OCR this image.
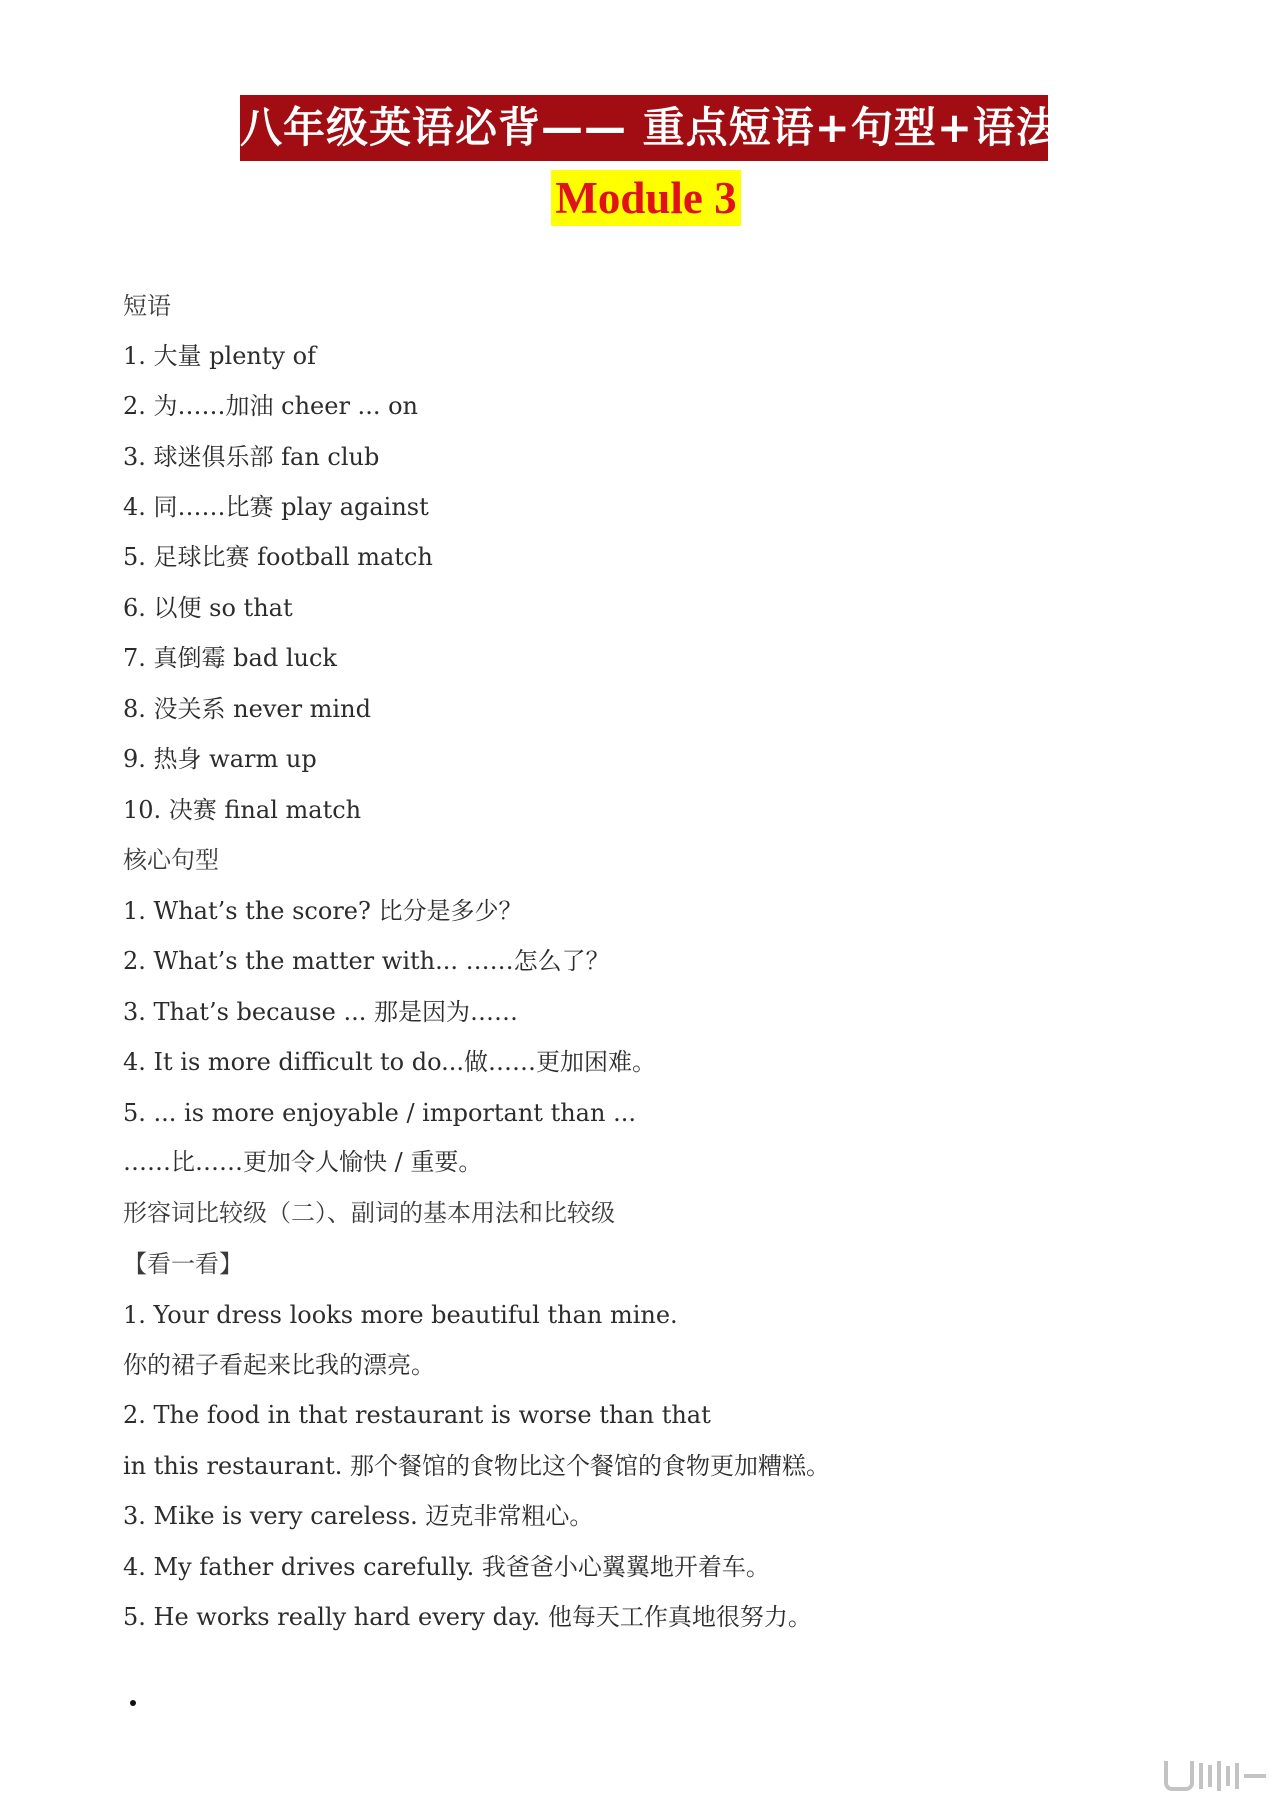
八年级英语必背—— 重点短语+句型+语法
Module 3
短语
1. 大量 plenty of
2. 为……加油 cheer ... on
3. 球迷俱乐部 fan club
4. 同……比赛 play against
5. 足球比赛 football match
6. 以便 so that
7. 真倒霉 bad luck
8. 没关系 never mind
9. 热身 warm up
10. 决赛 final match
核心句型
1. What’s the score? 比分是多少？
2. What’s the matter with... ……怎么了？
3. That’s because ... 那是因为……
4. It is more difficult to do...做……更加困难。
5. ... is more enjoyable / important than ...
……比……更加令人愉快 / 重要。
形容词比较级（二）、副词的基本用法和比较级
【看一看】
1. Your dress looks more beautiful than mine.
你的裙子看起来比我的漂亮。
2. The food in that restaurant is worse than that
in this restaurant. 那个餐馆的食物比这个餐馆的食物更加糟糕。
3. Mike is very careless. 迈克非常粗心。
4. My father drives carefully. 我爸爸小心翼翼地开着车。
5. He works really hard every day. 他每天工作真地很努力。
